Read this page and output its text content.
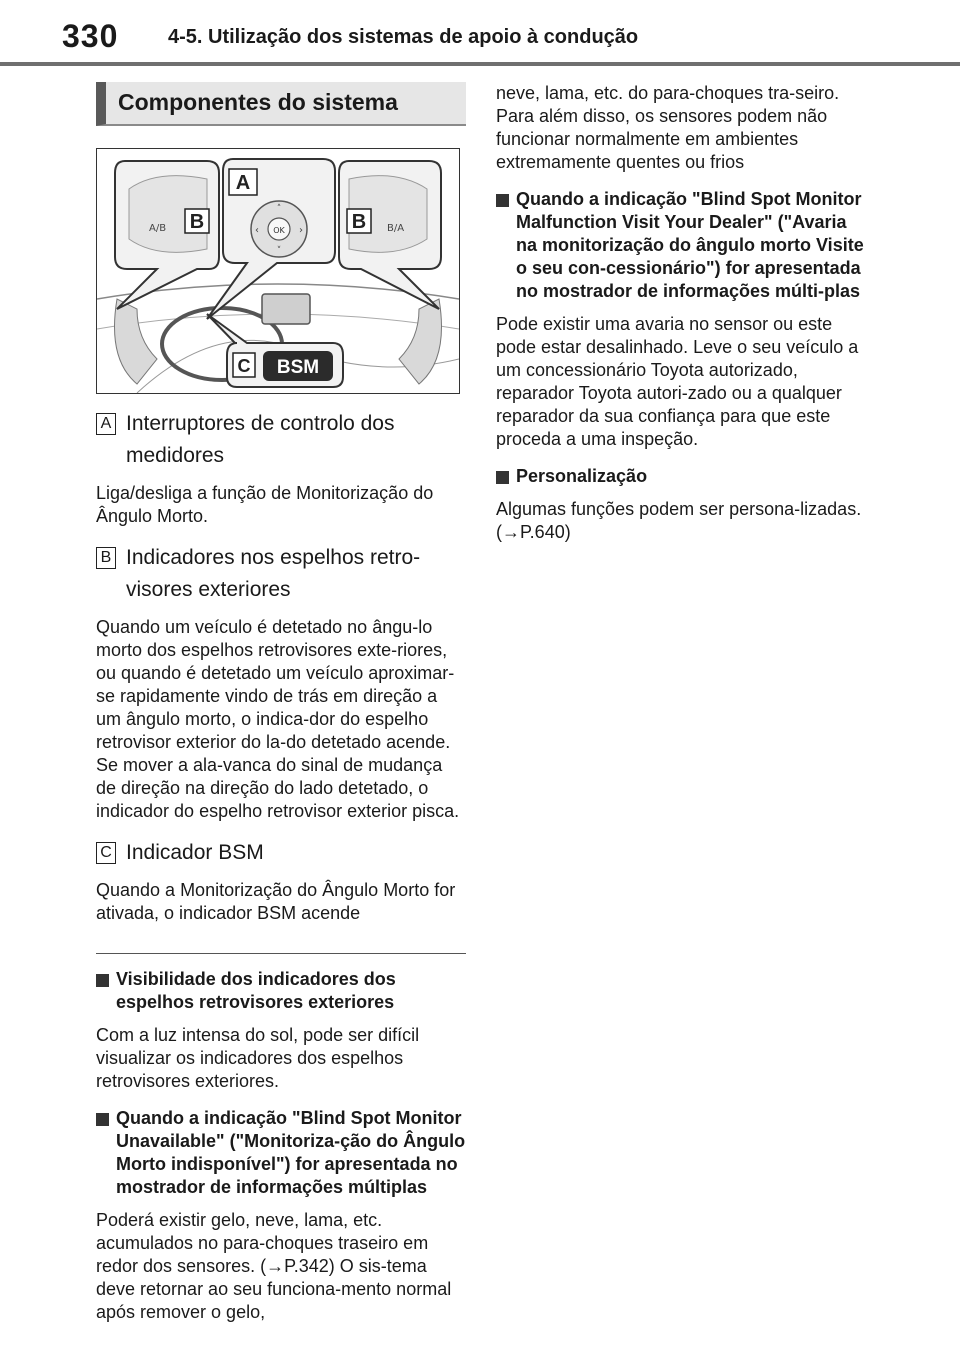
330 4-5. Utilização dos sistemas de apoio à condução
Componentes do sistema
A/B B	B/A
B
A
OK
‹	›
˄
˅
C BSM
A Interruptores de controlo dos medidores
Liga/desliga a função de Monitorização do Ângulo Morto.
B Indicadores nos espelhos retro-visores exteriores
Quando um veículo é detetado no ângu-lo morto dos espelhos retrovisores exte-riores, ou quando é detetado um veículo aproximar-se rapidamente vindo de trás em direção a um ângulo morto, o indica-dor do espelho retrovisor exterior do la-do detetado acende. Se mover a ala-vanca do sinal de mudança de direção na direção do lado detetado, o indicador do espelho retrovisor exterior pisca.
C Indicador BSM
Quando a Monitorização do Ângulo Morto for ativada, o indicador BSM acende
Visibilidade dos indicadores dos espelhos retrovisores exteriores
Com a luz intensa do sol, pode ser difícil visualizar os indicadores dos espelhos retrovisores exteriores.
Quando a indicação "Blind Spot Monitor Unavailable" ("Monitoriza-ção do Ângulo Morto indisponível") for apresentada no mostrador de informações múltiplas
Poderá existir gelo, neve, lama, etc. acumulados no para-choques traseiro em redor dos sensores. (→P.342) O sis-tema deve retornar ao seu funciona-mento normal após remover o gelo,
neve, lama, etc. do para-choques tra-seiro. Para além disso, os sensores podem não funcionar normalmente em ambientes extremamente quentes ou frios
Quando a indicação "Blind Spot Monitor Malfunction Visit Your Dealer" ("Avaria na monitorização do ângulo morto Visite o seu con-cessionário") for apresentada no mostrador de informações múlti-plas
Pode existir uma avaria no sensor ou este pode estar desalinhado. Leve o seu veículo a um concessionário Toyota autorizado, reparador Toyota autori-zado ou a qualquer reparador da sua confiança para que este proceda a uma inspeção.
Personalização
Algumas funções podem ser persona-lizadas. (→P.640)
